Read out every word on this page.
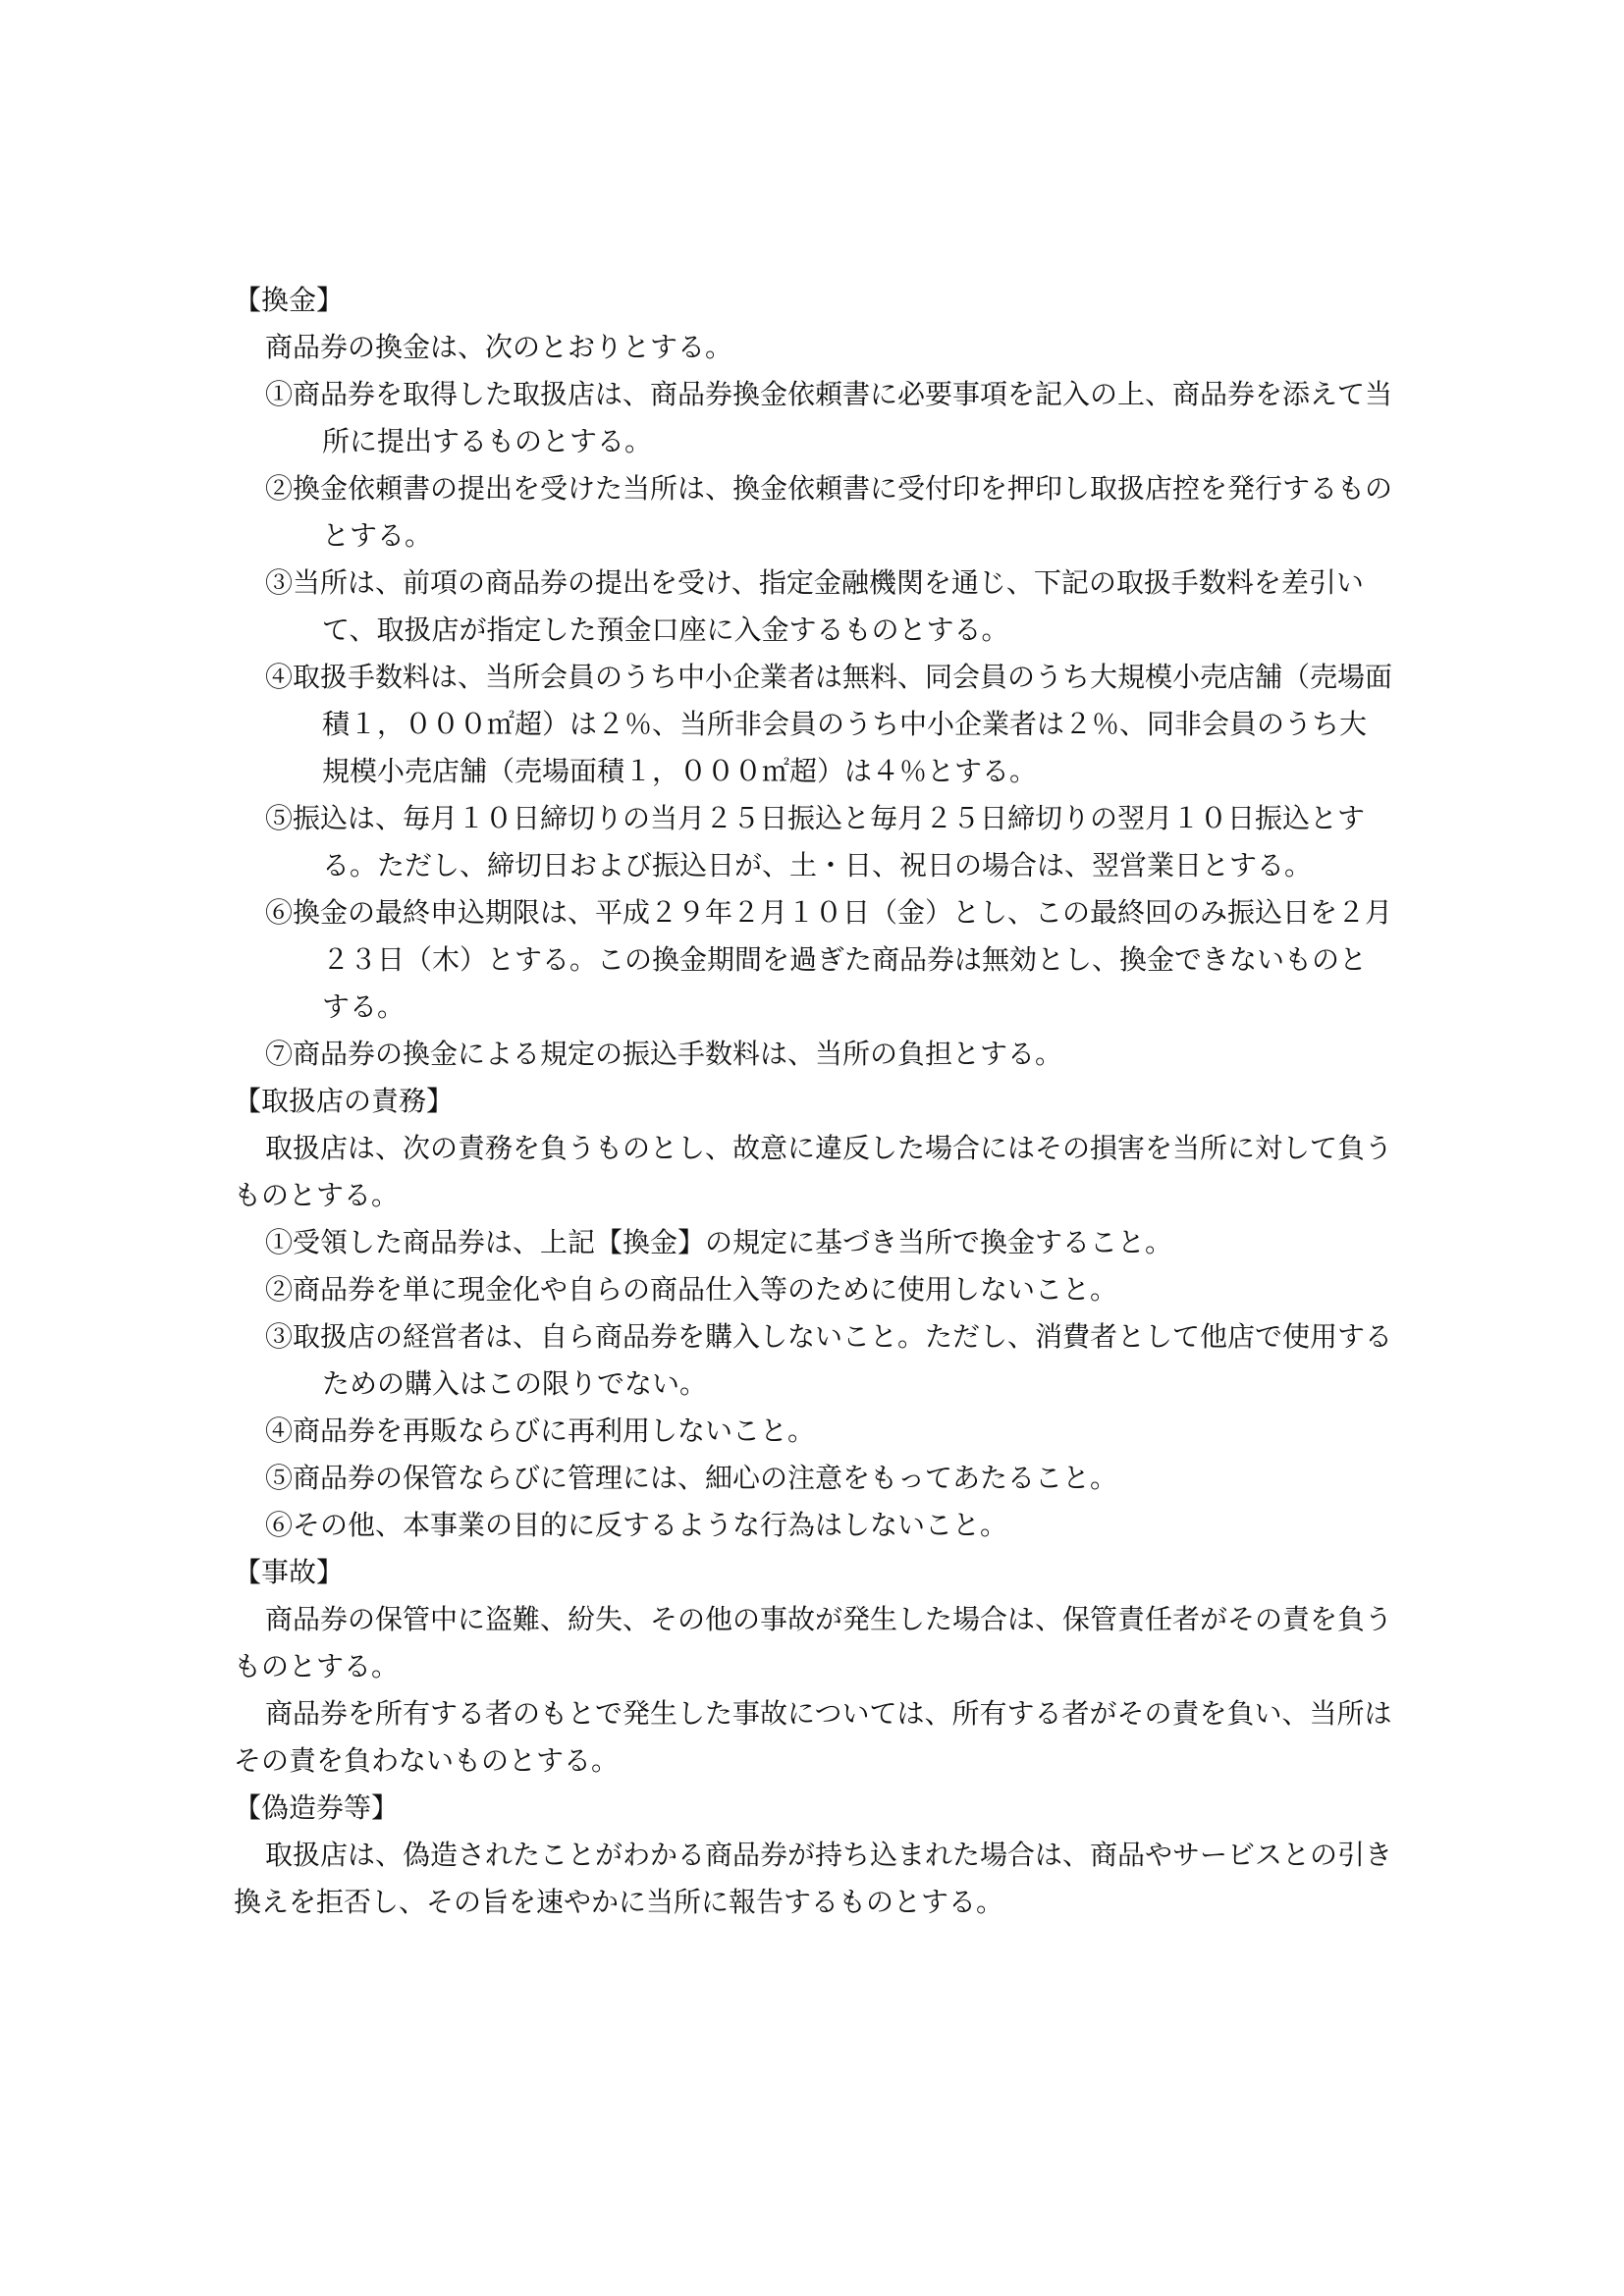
【換金】

商品券の換金は、次のとおりとする。

①商品券を取得した取扱店は、商品券換金依頼書に必要事項を記入の上、商品券を添えて当所に提出するものとする。

②換金依頼書の提出を受けた当所は、換金依頼書に受付印を押印し取扱店控を発行するものとする。

③当所は、前項の商品券の提出を受け、指定金融機関を通じ、下記の取扱手数料を差引いて、取扱店が指定した預金口座に入金するものとする。

④取扱手数料は、当所会員のうち中小企業者は無料、同会員のうち大規模小売店舗（売場面積１，０００㎡超）は２％、当所非会員のうち中小企業者は２％、同非会員のうち大規模小売店舗（売場面積１，０００㎡超）は４％とする。

⑤振込は、毎月１０日締切りの当月２５日振込と毎月２５日締切りの翌月１０日振込とする。ただし、締切日および振込日が、土・日、祝日の場合は、翌営業日とする。

⑥換金の最終申込期限は、平成２９年２月１０日（金）とし、この最終回のみ振込日を２月２３日（木）とする。この換金期間を過ぎた商品券は無効とし、換金できないものとする。

⑦商品券の換金による規定の振込手数料は、当所の負担とする。

【取扱店の責務】

取扱店は、次の責務を負うものとし、故意に違反した場合にはその損害を当所に対して負うものとする。

①受領した商品券は、上記【換金】の規定に基づき当所で換金すること。

②商品券を単に現金化や自らの商品仕入等のために使用しないこと。

③取扱店の経営者は、自ら商品券を購入しないこと。ただし、消費者として他店で使用するための購入はこの限りでない。

④商品券を再販ならびに再利用しないこと。

⑤商品券の保管ならびに管理には、細心の注意をもってあたること。

⑥その他、本事業の目的に反するような行為はしないこと。

【事故】

商品券の保管中に盗難、紛失、その他の事故が発生した場合は、保管責任者がその責を負うものとする。

商品券を所有する者のもとで発生した事故については、所有する者がその責を負い、当所はその責を負わないものとする。

【偽造券等】

取扱店は、偽造されたことがわかる商品券が持ち込まれた場合は、商品やサービスとの引き換えを拒否し、その旨を速やかに当所に報告するものとする。
